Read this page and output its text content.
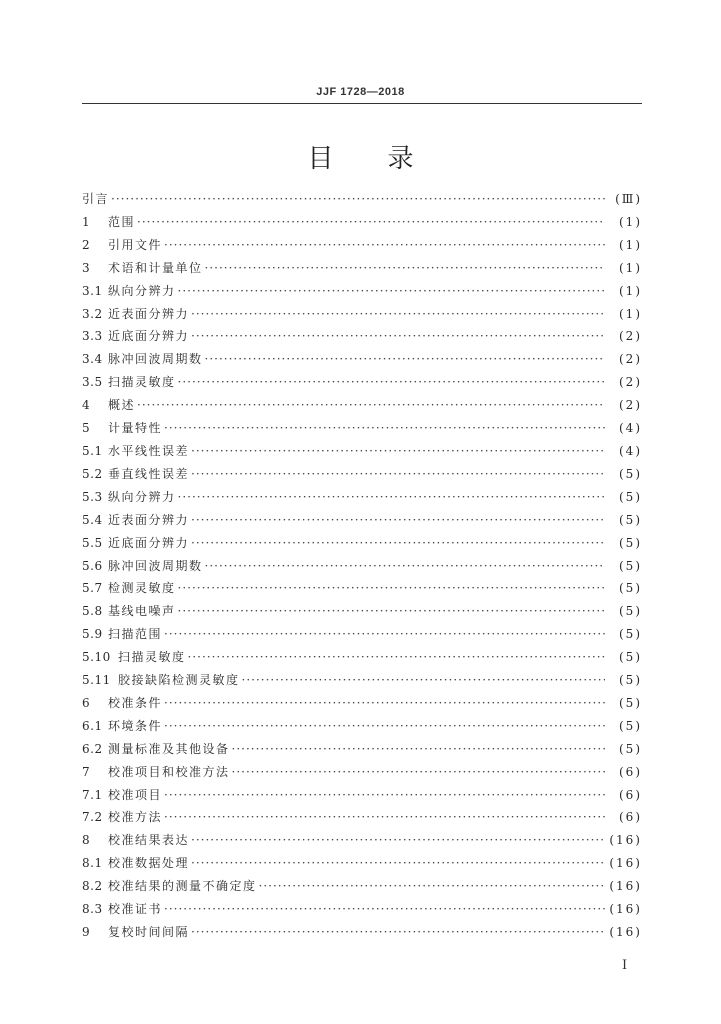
JJF 1728—2018
目录
引言 ·····	(Ⅲ)
1	范围 ·····	(1)
2	引用文件 ·····	(1)
3	术语和计量单位 ·····	(1)
3.1 纵向分辨力 ·····	(1)
3.2 近表面分辨力 ·····	(1)
3.3 近底面分辨力 ·····	(2)
3.4 脉冲回波周期数 ·····	(2)
3.5 扫描灵敏度 ·····	(2)
4	概述 ·····	(2)
5	计量特性 ·····	(4)
5.1 水平线性误差 ·····	(4)
5.2 垂直线性误差 ·····	(5)
5.3 纵向分辨力 ·····	(5)
5.4 近表面分辨力 ·····	(5)
5.5 近底面分辨力 ·····	(5)
5.6 脉冲回波周期数 ·····	(5)
5.7 检测灵敏度 ·····	(5)
5.8 基线电噪声 ·····	(5)
5.9 扫描范围 ·····	(5)
5.10 扫描灵敏度 ·····	(5)
5.11 胶接缺陷检测灵敏度 ·····	(5)
6	校准条件 ·····	(5)
6.1 环境条件 ·····	(5)
6.2 测量标准及其他设备 ·····	(5)
7	校准项目和校准方法 ·····	(6)
7.1 校准项目 ·····	(6)
7.2 校准方法 ·····	(6)
8	校准结果表达 ·····	(16)
8.1 校准数据处理 ·····	(16)
8.2 校准结果的测量不确定度 ·····	(16)
8.3 校准证书 ·····	(16)
9	复校时间间隔 ·····	(16)
I
